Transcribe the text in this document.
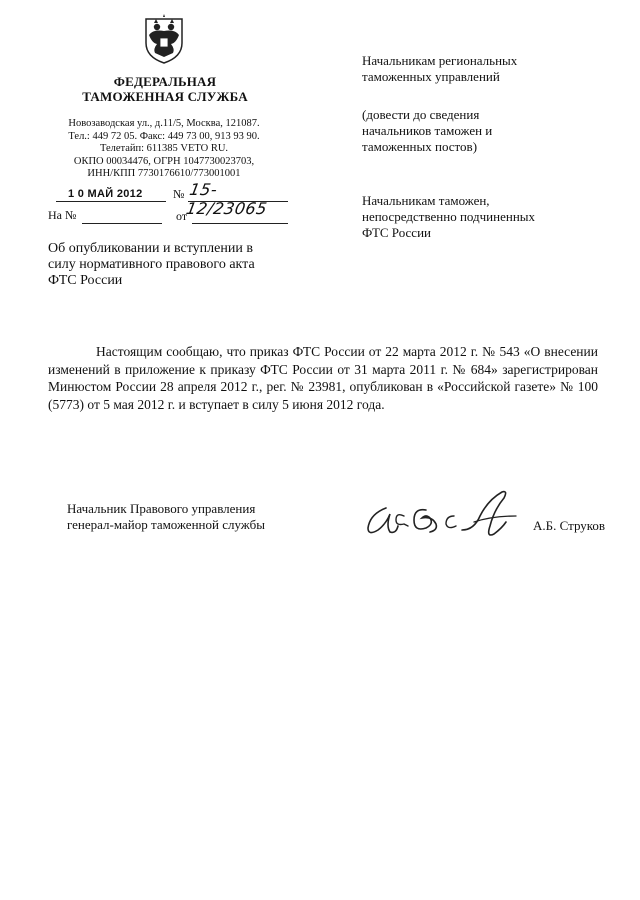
ФЕДЕРАЛЬНАЯ
ТАМОЖЕННАЯ СЛУЖБА
Новозаводская ул., д.11/5, Москва, 121087.
Тел.: 449 72 05. Факс: 449 73 00, 913 93 90.
Телетайп: 611385 VETO RU.
ОКПО 00034476, ОГРН 1047730023703,
ИНН/КПП 7730176610/773001001
1 0 МАЙ 2012	№ 15-12/23065
На №	от
Начальникам региональных
таможенных управлений
(довести до сведения
начальников таможен и
таможенных постов)
Начальникам таможен,
непосредственно подчиненных
ФТС России
Об опубликовании и вступлении в
силу нормативного правового акта
ФТС России

Настоящим сообщаю, что приказ ФТС России от 22 марта 2012 г. № 543 «О внесении изменений в приложение к приказу ФТС России от 31 марта 2011 г. № 684» зарегистрирован Минюстом России 28 апреля 2012 г., рег. № 23981, опубликован в «Российской газете» № 100 (5773) от 5 мая 2012 г. и вступает в силу 5 июня 2012 года.

Начальник Правового управления
генерал-майор таможенной службы	А.Б. Струков
